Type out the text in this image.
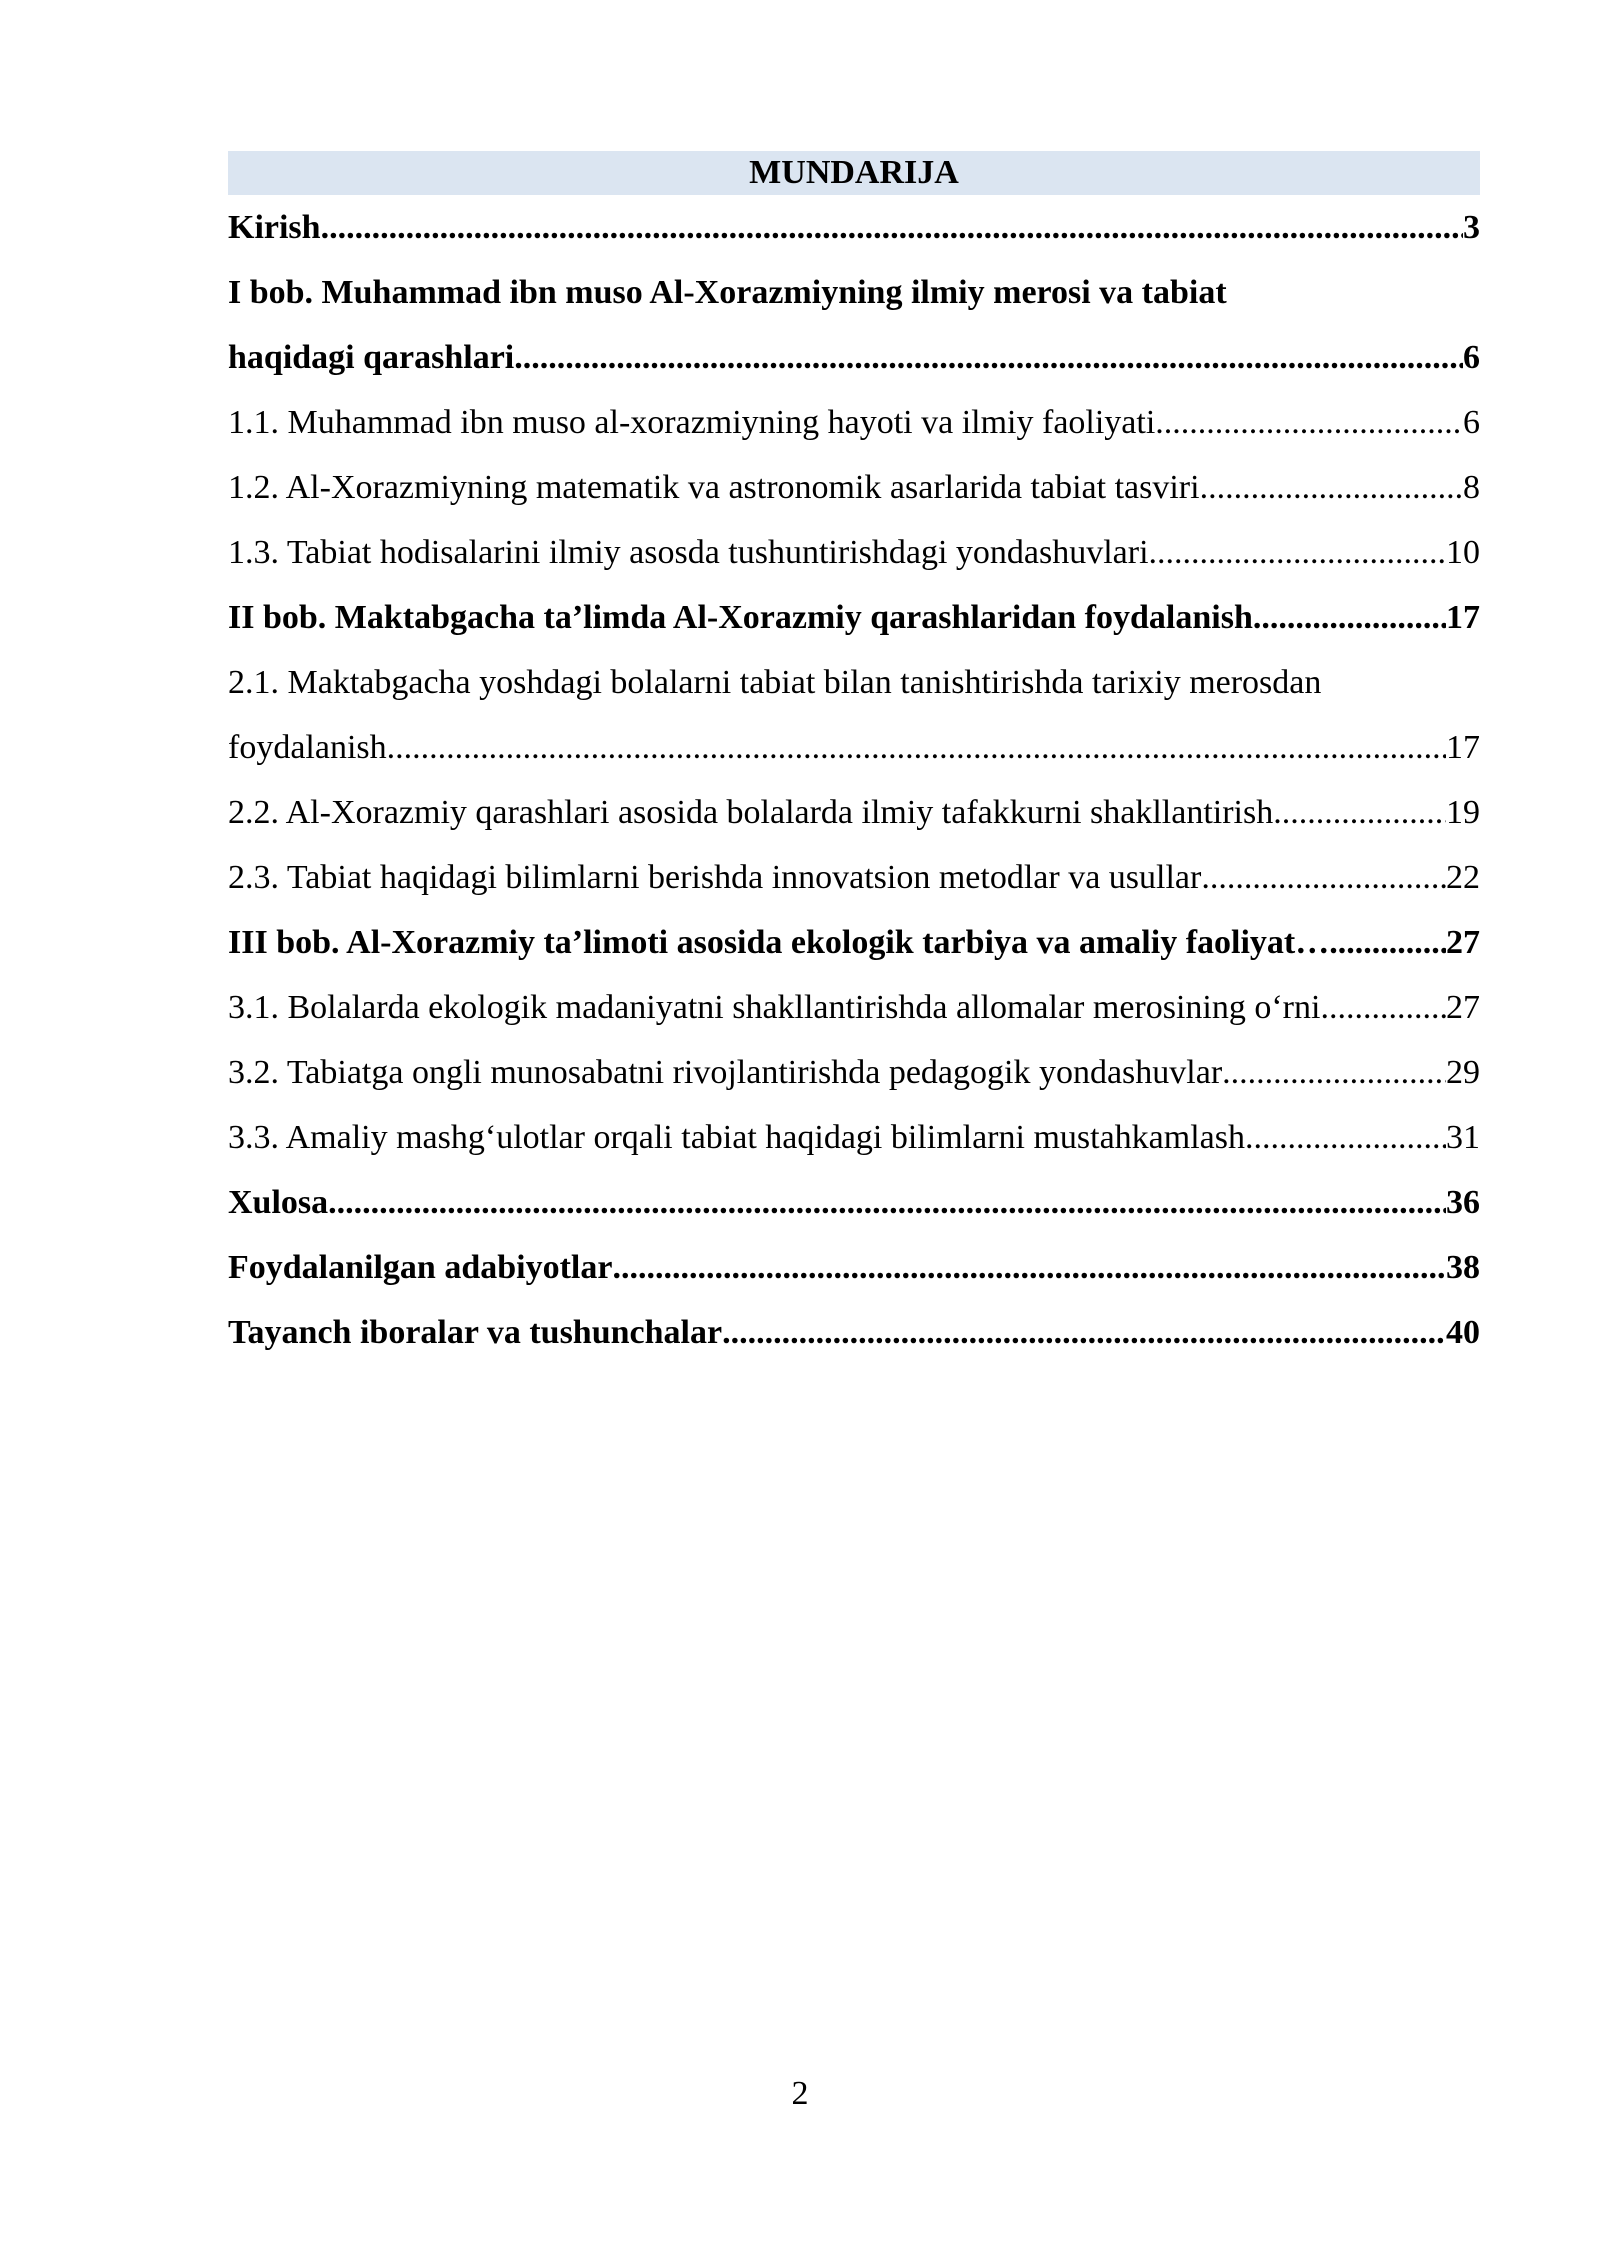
MUNDARIJA
Kirish .....	3
I bob. Muhammad ibn muso Al-Xorazmiyning ilmiy merosi va tabiat
haqidagi qarashlari .....	6
1.1. Muhammad ibn muso al-xorazmiyning hayoti va ilmiy faoliyati .....	6
1.2. Al-Xorazmiyning matematik va astronomik asarlarida tabiat tasviri .....	8
1.3. Tabiat hodisalarini ilmiy asosda tushuntirishdagi yondashuvlari .....	10
II bob. Maktabgacha ta’limda Al-Xorazmiy qarashlaridan foydalanish .....	17
2.1. Maktabgacha yoshdagi bolalarni tabiat bilan tanishtirishda tarixiy merosdan
foydalanish .....	17
2.2. Al-Xorazmiy qarashlari asosida bolalarda ilmiy tafakkurni shakllantirish .....	19
2.3. Tabiat haqidagi bilimlarni berishda innovatsion metodlar va usullar .....	22
III bob. Al-Xorazmiy ta’limoti asosida ekologik tarbiya va amaliy faoliyat… .....	27
3.1. Bolalarda ekologik madaniyatni shakllantirishda allomalar merosining o‘rni .....	27
3.2. Tabiatga ongli munosabatni rivojlantirishda pedagogik yondashuvlar .....	29
3.3. Amaliy mashg‘ulotlar orqali tabiat haqidagi bilimlarni mustahkamlash .....	31
Xulosa .....	36
Foydalanilgan adabiyotlar .....	38
Tayanch iboralar va tushunchalar .....	40
2
